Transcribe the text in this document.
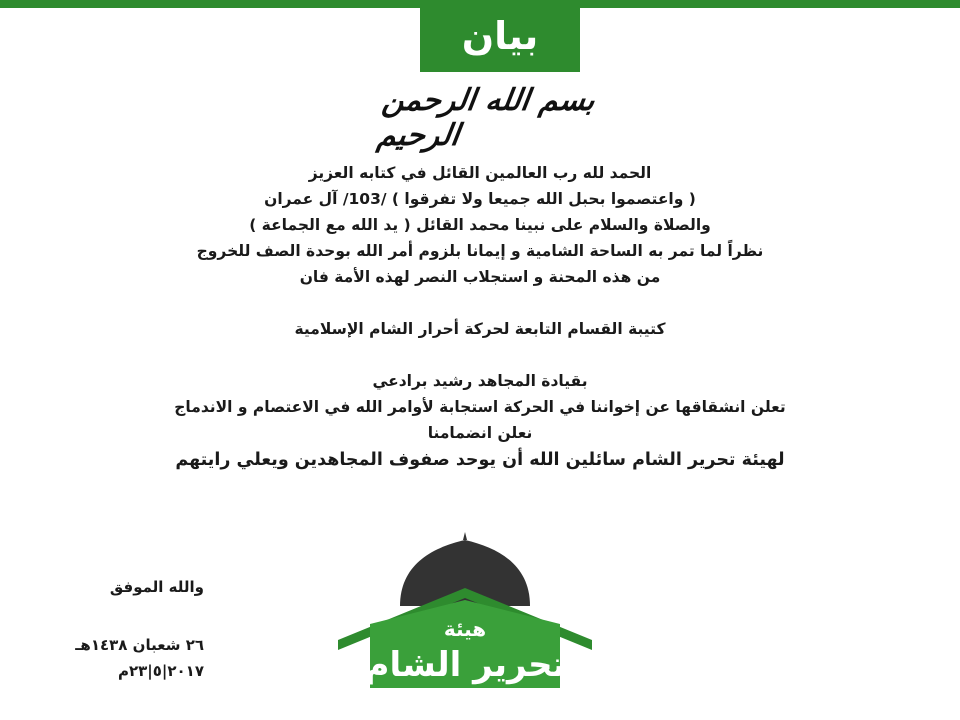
بيان
بسم الله الرحمن الرحيم
الحمد لله رب العالمين القائل في كتابه العزيز
( واعتصموا بحبل الله جميعا ولا تفرقوا ) /103/ آل عمران
والصلاة والسلام على نبينا محمد القائل ( يد الله مع الجماعة )
نظراً لما تمر به الساحة الشامية و إيمانا بلزوم أمر الله بوحدة الصف للخروج
من هذه المحنة و استجلاب النصر لهذه الأمة فان
كتيبة القسام التابعة لحركة أحرار الشام الإسلامية
بقيادة المجاهد رشيد برادعي
تعلن انشقاقها عن إخواننا في الحركة استجابة لأوامر الله في الاعتصام و الاندماج
نعلن انضمامنا
لهيئة تحرير الشام سائلين الله أن يوحد صفوف المجاهدين ويعلي رايتهم
والله الموفق
٢٦ شعبان ١٤٣٨هـ
٢٠١٧|٥|٢٣م
هيئة
تحرير الشام
